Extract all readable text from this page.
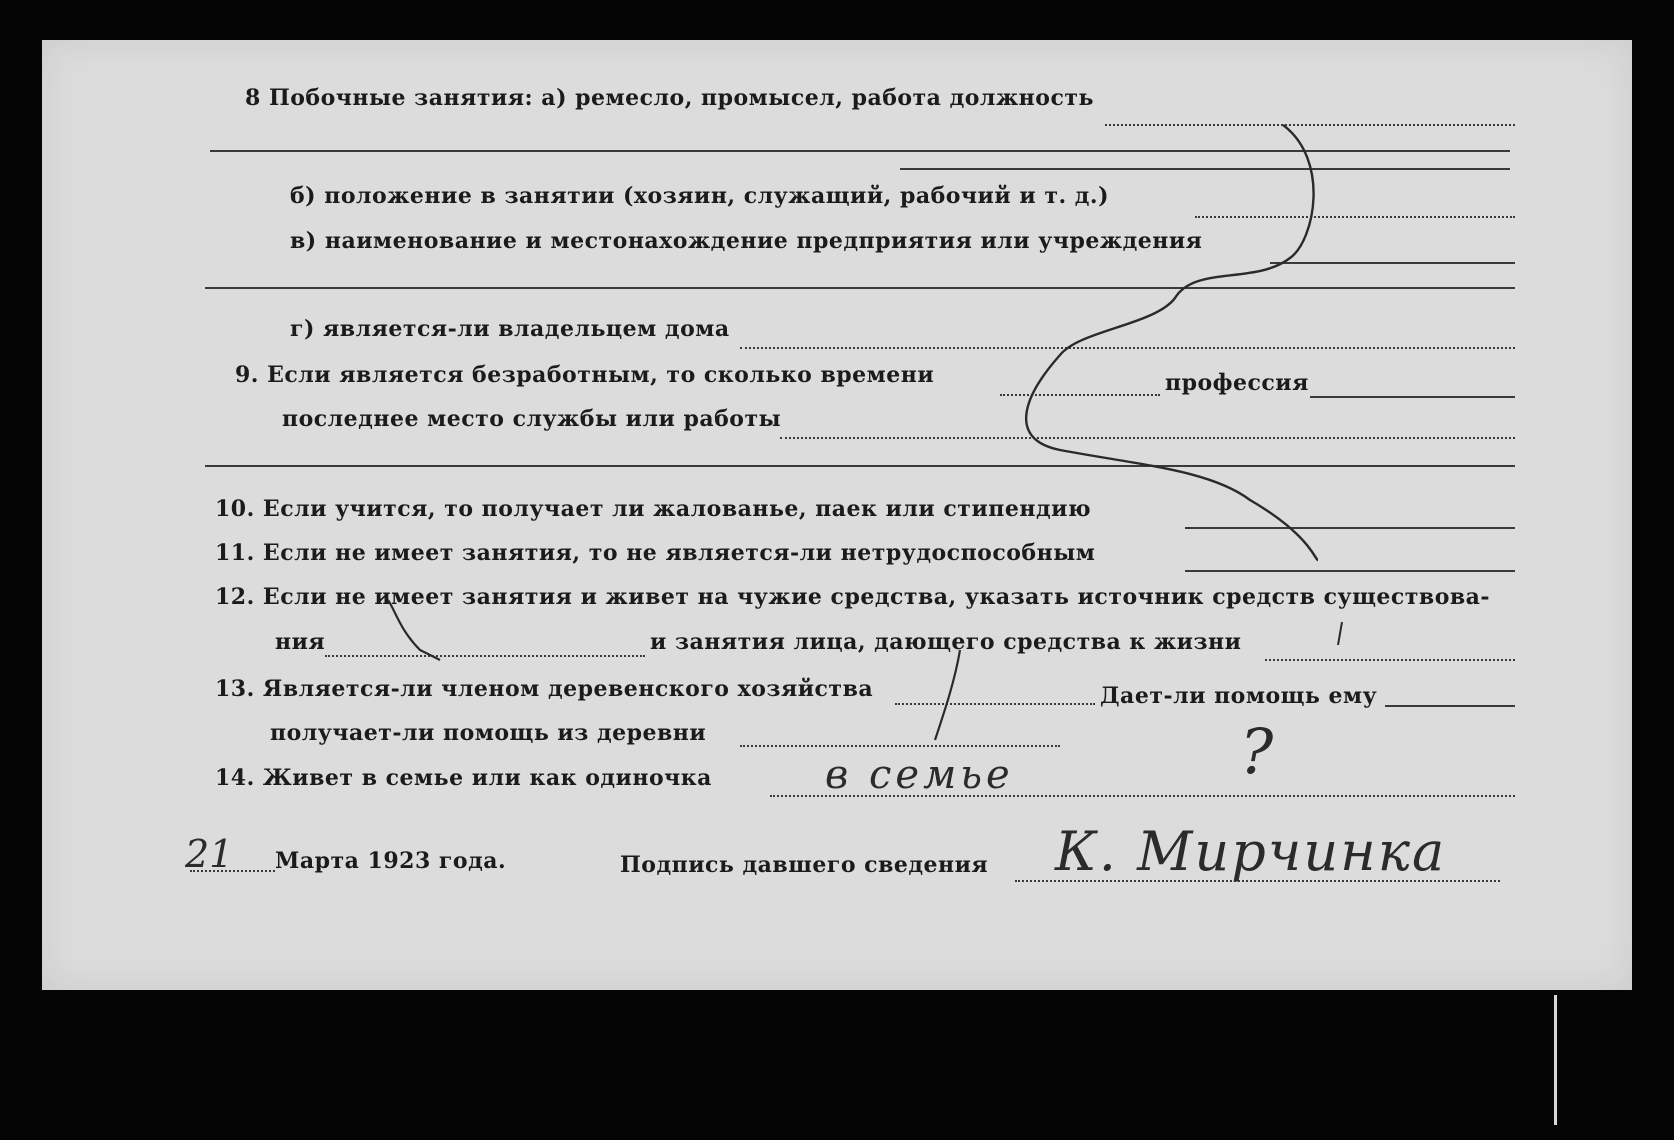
8 Побочные занятия: а) ремесло, промысел, работа должность
б) положение в занятии (хозяин, служащий, рабочий и т. д.)
в) наименование и местонахождение предприятия или учреждения
г) является-ли владельцем дома
9. Если является безработным, то сколько времени	профессия
последнее место службы или работы
10. Если учится, то получает ли жалованье, паек или стипендию
11. Если не имеет занятия, то не является-ли нетрудоспособным
12. Если не имеет занятия и живет на чужие средства, указать источник средств существова-
ния	и занятия лица, дающего средства к жизни
13. Является-ли членом деревенского хозяйства	Дает-ли помощь ему
получает-ли помощь из деревни
14. Живет в семье или как одиночка	в семье	?
21 Марта 1923 года.	Подпись давшего сведения К. Мирчинка
